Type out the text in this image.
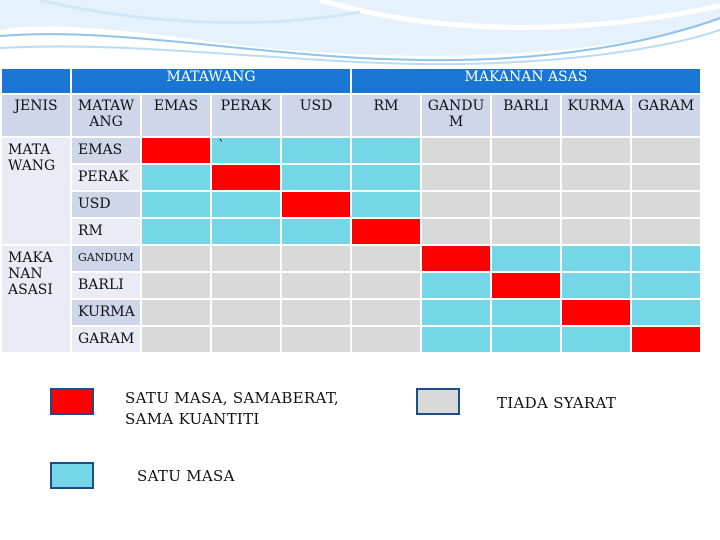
	MATAWANG				MAKANAN ASAS				
JENIS	MATAW ANG	EMAS	PERAK	USD	RM	GANDU M	BARLI	KURMA	GARAM
MATA WANG	EMAS		`						
	PERAK								
	USD								
	RM								
MAKA NAN ASASI	GANDUM								
	BARLI								
	KURMA								
	GARAM								
SATU MASA, SAMABERAT, SAMA KUANTITI
SATU MASA
TIADA SYARAT
